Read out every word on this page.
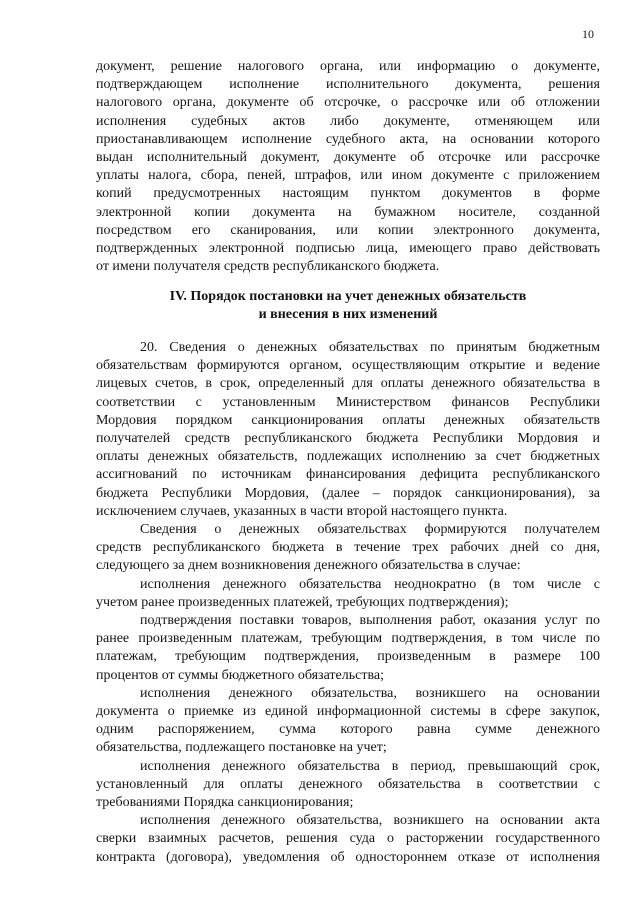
10
документ, решение налогового органа, или информацию о документе,
подтверждающем исполнение исполнительного документа, решения
налогового органа, документе об отсрочке, о рассрочке или об отложении
исполнения судебных актов либо документе, отменяющем или
приостанавливающем исполнение судебного акта, на основании которого
выдан исполнительный документ, документе об отсрочке или рассрочке
уплаты налога, сбора, пеней, штрафов, или ином документе с приложением
копий предусмотренных настоящим пунктом документов в форме
электронной копии документа на бумажном носителе, созданной
посредством его сканирования, или копии электронного документа,
подтвержденных электронной подписью лица, имеющего право действовать
от имени получателя средств республиканского бюджета.
IV. Порядок постановки на учет денежных обязательств
и внесения в них изменений
20. Сведения о денежных обязательствах по принятым бюджетным
обязательствам формируются органом, осуществляющим открытие и ведение
лицевых счетов, в срок, определенный для оплаты денежного обязательства в
соответствии с установленным Министерством финансов Республики
Мордовия порядком санкционирования оплаты денежных обязательств
получателей средств республиканского бюджета Республики Мордовия и
оплаты денежных обязательств, подлежащих исполнению за счет бюджетных
ассигнований по источникам финансирования дефицита республиканского
бюджета Республики Мордовия, (далее – порядок санкционирования), за
исключением случаев, указанных в части второй настоящего пункта.
Сведения о денежных обязательствах формируются получателем
средств республиканского бюджета в течение трех рабочих дней со дня,
следующего за днем возникновения денежного обязательства в случае:
исполнения денежного обязательства неоднократно (в том числе с
учетом ранее произведенных платежей, требующих подтверждения);
подтверждения поставки товаров, выполнения работ, оказания услуг по
ранее произведенным платежам, требующим подтверждения, в том числе по
платежам, требующим подтверждения, произведенным в размере 100
процентов от суммы бюджетного обязательства;
исполнения денежного обязательства, возникшего на основании
документа о приемке из единой информационной системы в сфере закупок,
одним распоряжением, сумма которого равна сумме денежного
обязательства, подлежащего постановке на учет;
исполнения денежного обязательства в период, превышающий срок,
установленный для оплаты денежного обязательства в соответствии с
требованиями Порядка санкционирования;
исполнения денежного обязательства, возникшего на основании акта
сверки взаимных расчетов, решения суда о расторжении государственного
контракта (договора), уведомления об одностороннем отказе от исполнения
